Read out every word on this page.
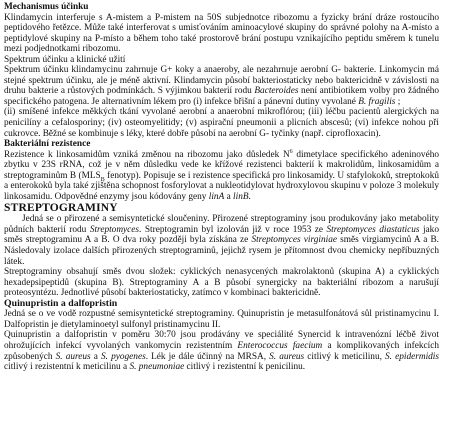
Mechanismus účinku

Klindamycin interferuje s A-mistem a P-mistem na 50S subjednotce ribozomu a fyzicky brání dráze rostoucího peptidového řetězce. Může také interferovat s umisťováním aminoacylové skupiny do správné polohy na A-místo a peptidylové skupiny na P-místo a během toho také prostorově brání postupu vznikajícího peptidu směrem k tunelu mezi podjednotkami ribozomu.

Spektrum účinku a klinické užití

Spektrum účinku klindamycinu zahrnuje G+ koky a anaeroby, ale nezahrnuje aerobní G- bakterie. Linkomycin má stejné spektrum účinku, ale je méně aktivní. Klindamycin působí bakteriostaticky nebo baktericidně v závislosti na druhu bakterie a růstových podmínkách. S výjimkou bakterií rodu Bacteroides není antibiotikem volby pro žádného specifického patogena. Je alternativním lékem pro (i) infekce břišní a pánevní dutiny vyvolané B. fragilis ;

(ii) smíšené infekce měkkých tkání vyvolané aerobní a anaerobní mikroflórou; (iii) léčbu pacientů alergických na penicilíny a cefalosporiny; (iv) osteomyelitidy; (v) aspirační pneumonii a plicních abscesů; (vi) infekce nohou při cukrovce. Běžné se kombinuje s léky, které dobře působí na aerobní G- tyčinky (např. ciprofloxacin).

Bakteriální rezistence

Rezistence k linkosamidům vzniká změnou na ribozomu jako důsledek $N^6$ dimetylace specifického adeninového zbytku v 23S rRNA, což je v něm důsledku vede ke křížové rezistenci bakterií k makrolidům, linkosamidům a streptograminům B ($MLS_B$ fenotyp). Popisuje se i rezistence specifická pro linkosamidy. U stafylokoků, streptokoků a enterokoků byla také zjištěna schopnost fosforylovat a nukleotidylovat hydroxylovou skupinu v poloze 3 molekuly linkosamidu. Odpovědné enzymy jsou kódovány geny linA a linB.

STREPTOGRAMINY

Jedná se o přirozené a semisyntetické sloučeniny. Přirozené streptograminy jsou produkovány jako metabolity půdních bakterií rodu Streptomyces. Streptogramin byl izolován již v roce 1953 ze Streptomyces diastaticus jako směs streptograminu A a B. O dva roky později byla získána ze Streptomyces virginiae směs virgiamycinů A a B. Následovaly izolace dalších přirozených streptograminů, jejichž rysem je přítomnost dvou chemicky nepříbuzných látek.

Streptograminy obsahují směs dvou složek: cyklických nenasycených makrolaktonů (skupina A) a cyklických hexadepsipeptidů (skupina B). Streptograminy A a B působí synergicky na bakteriální ribozom a narušují proteosyntézu. Jednotlivé působí bakteriostaticky, zatímco v kombinaci baktericidně.

Quinupristin a dalfopristin

Jedná se o ve vodě rozpustné semisyntetické streptograminy. Quinupristin je metasulfonátová sůl pristinamycinu I. Dalfopristin je dietylaminoetyl sulfonyl pristinamycinu II.

Quinupristin a dalfopristin v poměru 30:70 jsou prodávány ve speciálité Synercid k intravenózní léčbě život ohrožujících infekcí vyvolaných vankomycin rezistentním Enterococcus faecium a komplikovaných infekcích způsobených S. aureus a S. pyogenes. Lék je dále účinný na MRSA, S. aureus citlivý k meticilinu, S. epidermidis citlivý i rezistentní k meticilinu a S. pneumoniae citlivý i rezistentní k penicilinu.
